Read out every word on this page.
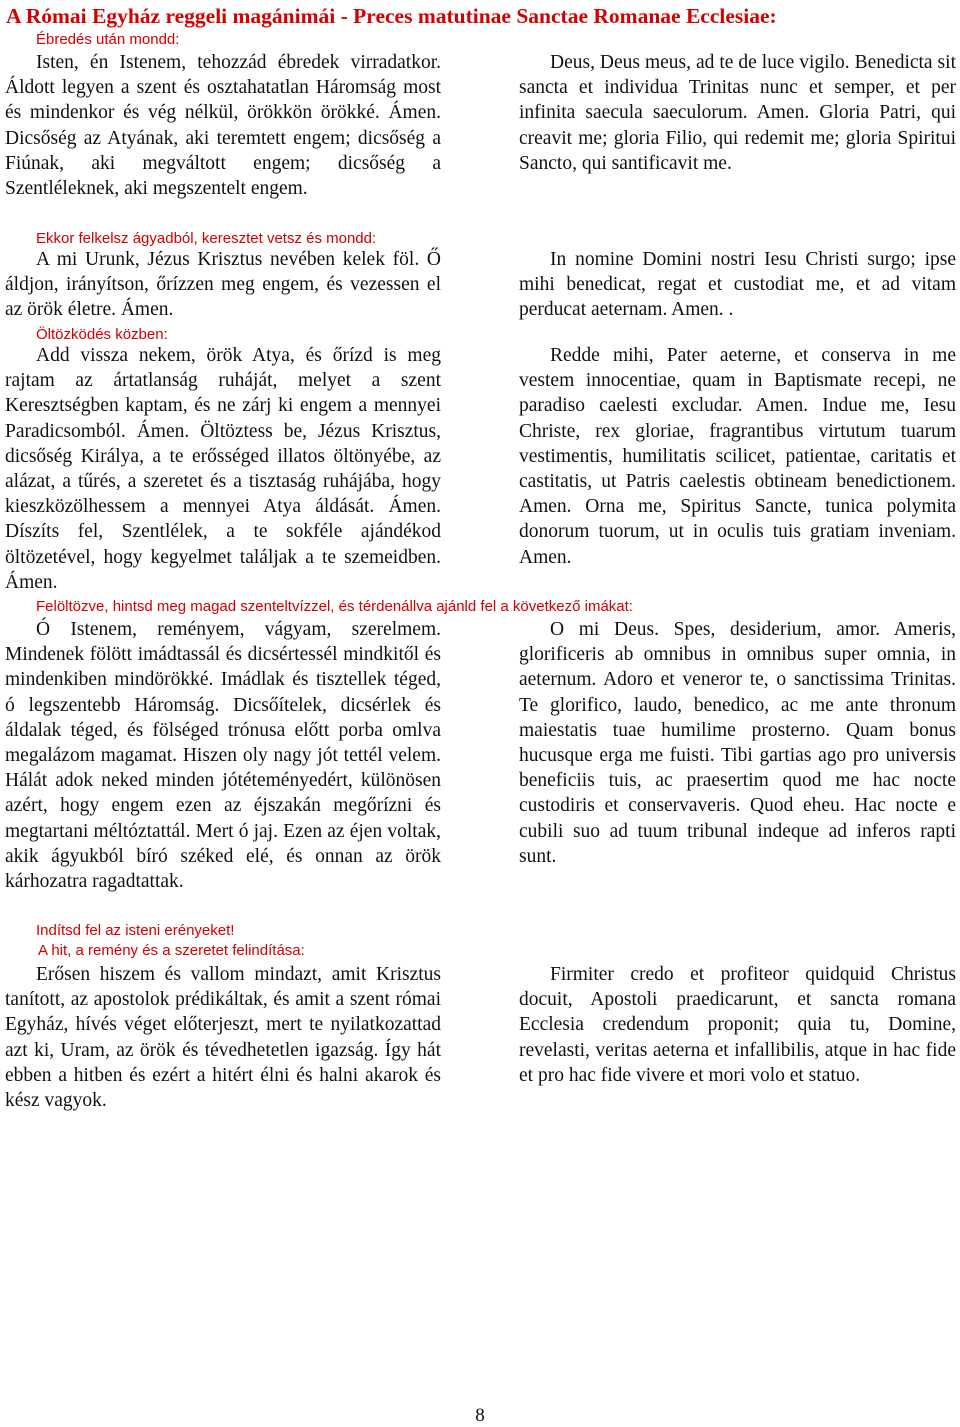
A Római Egyház reggeli magánimái - Preces matutinae Sanctae Romanae Ecclesiae:
Ébredés után mondd:

Isten, én Istenem, tehozzád ébredek virradatkor. Áldott legyen a szent és osztahatatlan Háromság most és mindenkor és vég nélkül, örökkön örökké. Ámen. Dicsőség az Atyának, aki teremtett engem; dicsőség a Fiúnak, aki megváltott engem; dicsőség a Szentléleknek, aki megszentelt engem.

Deus, Deus meus, ad te de luce vigilo. Benedicta sit sancta et individua Trinitas nunc et semper, et per infinita saecula saeculorum. Amen. Gloria Patri, qui creavit me; gloria Filio, qui redemit me; gloria Spiritui Sancto, qui santificavit me.

Ekkor felkelsz ágyadból, keresztet vetsz és mondd:

A mi Urunk, Jézus Krisztus nevében kelek föl. Ő áldjon, irányítson, őrízzen meg engem, és vezessen el az örök életre. Ámen.

In nomine Domini nostri Iesu Christi surgo; ipse mihi benedicat, regat et custodiat me, et ad vitam perducat aeternam. Amen. .

Öltözködés közben:

Add vissza nekem, örök Atya, és őrízd is meg rajtam az ártatlanság ruháját, melyet a szent Keresztségben kaptam, és ne zárj ki engem a mennyei Paradicsomból. Ámen. Öltöztess be, Jézus Krisztus, dicsőség Királya, a te erősséged illatos öltönyébe, az alázat, a tűrés, a szeretet és a tisztaság ruhájába, hogy kieszközölhessem a mennyei Atya áldását. Ámen. Díszíts fel, Szentlélek, a te sokféle ajándékod öltözetével, hogy kegyelmet találjak a te szemeidben. Ámen.

Redde mihi, Pater aeterne, et conserva in me vestem innocentiae, quam in Baptismate recepi, ne paradiso caelesti excludar. Amen. Indue me, Iesu Christe, rex gloriae, fragrantibus virtutum tuarum vestimentis, humilitatis scilicet, patientae, caritatis et castitatis, ut Patris caelestis obtineam benedictionem. Amen. Orna me, Spiritus Sancte, tunica polymita donorum tuorum, ut in oculis tuis gratiam inveniam. Amen.

Felöltözve, hintsd meg magad szenteltvízzel, és térdenállva ajánld fel a következő imákat:

Ó Istenem, reményem, vágyam, szerelmem. Mindenek fölött imádtassál és dicsértessél mindkitől és mindenkiben mindörökké. Imádlak és tisztellek téged, ó legszentebb Háromság. Dicsőítelek, dicsérlek és áldalak téged, és fölséged trónusa előtt porba omlva megalázom magamat. Hiszen oly nagy jót tettél velem. Hálát adok neked minden jótéteményedért, különösen azért, hogy engem ezen az éjszakán megőrízni és megtartani méltóztattál. Mert ó jaj. Ezen az éjen voltak, akik ágyukból bíró széked elé, és onnan az örök kárhozatra ragadtattak.

O mi Deus. Spes, desiderium, amor. Ameris, glorificeris ab omnibus in omnibus super omnia, in aeternum. Adoro et veneror te, o sanctissima Trinitas. Te glorifico, laudo, benedico, ac me ante thronum maiestatis tuae humilime prosterno. Quam bonus hucusque erga me fuisti. Tibi gartias ago pro universis beneficiis tuis, ac praesertim quod me hac nocte custodiris et conservaveris. Quod eheu. Hac nocte e cubili suo ad tuum tribunal indeque ad inferos rapti sunt.

Indítsd fel az isteni erényeket!
A hit, a remény és a szeretet felindítása:

Erősen hiszem és vallom mindazt, amit Krisztus tanított, az apostolok prédikáltak, és amit a szent római Egyház, hívés véget előterjeszt, mert te nyilatkozattad azt ki, Uram, az örök és tévedhetetlen igazság. Így hát ebben a hitben és ezért a hitért élni és halni akarok és kész vagyok.

Firmiter credo et profiteor quidquid Christus docuit, Apostoli praedicarunt, et sancta romana Ecclesia credendum proponit; quia tu, Domine, revelasti, veritas aeterna et infallibilis, atque in hac fide et pro hac fide vivere et mori volo et statuo.

8
